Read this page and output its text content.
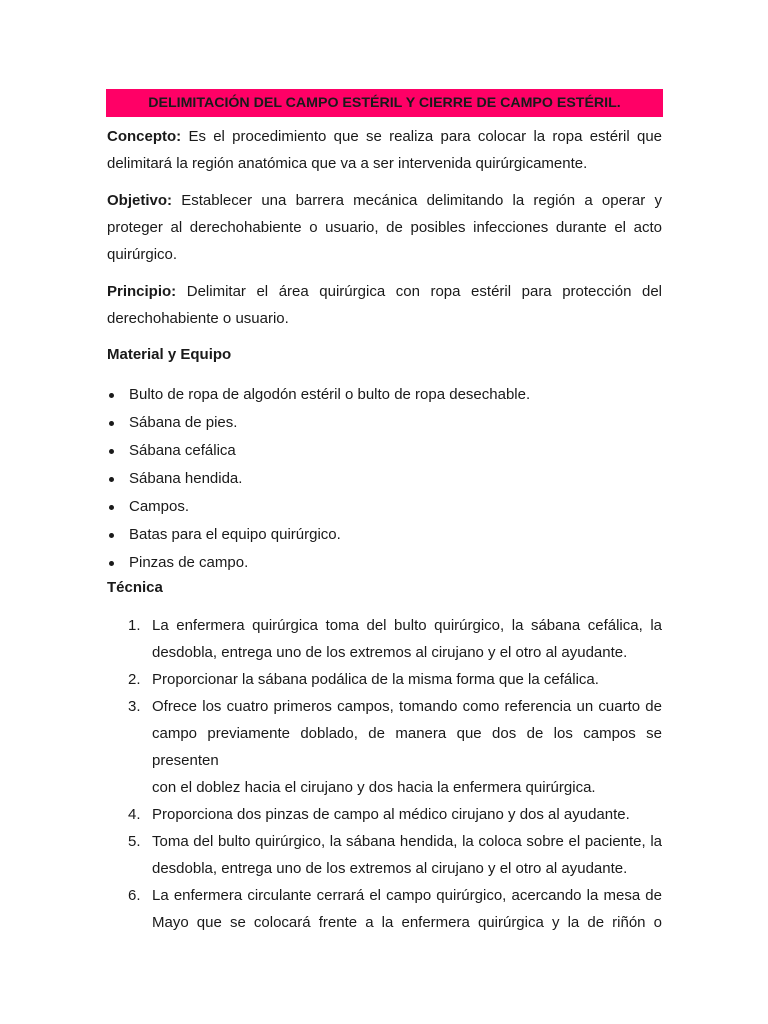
DELIMITACIÓN DEL CAMPO ESTÉRIL Y CIERRE DE CAMPO ESTÉRIL.
Concepto: Es el procedimiento que se realiza para colocar la ropa estéril que
delimitará la región anatómica que va a ser intervenida quirúrgicamente.
Objetivo: Establecer una barrera mecánica delimitando la región a operar y
proteger al derechohabiente o usuario, de posibles infecciones durante el acto
quirúrgico.
Principio: Delimitar el área quirúrgica con ropa estéril para protección del
derechohabiente o usuario.
Material y Equipo
Bulto de ropa de algodón estéril o bulto de ropa desechable.
Sábana de pies.
Sábana cefálica
Sábana hendida.
Campos.
Batas para el equipo quirúrgico.
Pinzas de campo.
Técnica
1. La enfermera quirúrgica toma del bulto quirúrgico, la sábana cefálica, la
desdobla, entrega uno de los extremos al cirujano y el otro al ayudante.
2. Proporcionar la sábana podálica de la misma forma que la cefálica.
3. Ofrece los cuatro primeros campos, tomando como referencia un cuarto de
campo previamente doblado, de manera que dos de los campos se presenten
con el doblez hacia el cirujano y dos hacia la enfermera quirúrgica.
4. Proporciona dos pinzas de campo al médico cirujano y dos al ayudante.
5. Toma del bulto quirúrgico, la sábana hendida, la coloca sobre el paciente, la
desdobla, entrega uno de los extremos al cirujano y el otro al ayudante.
6. La enfermera circulante cerrará el campo quirúrgico, acercando la mesa de
Mayo que se colocará frente a la enfermera quirúrgica y la de riñón o
